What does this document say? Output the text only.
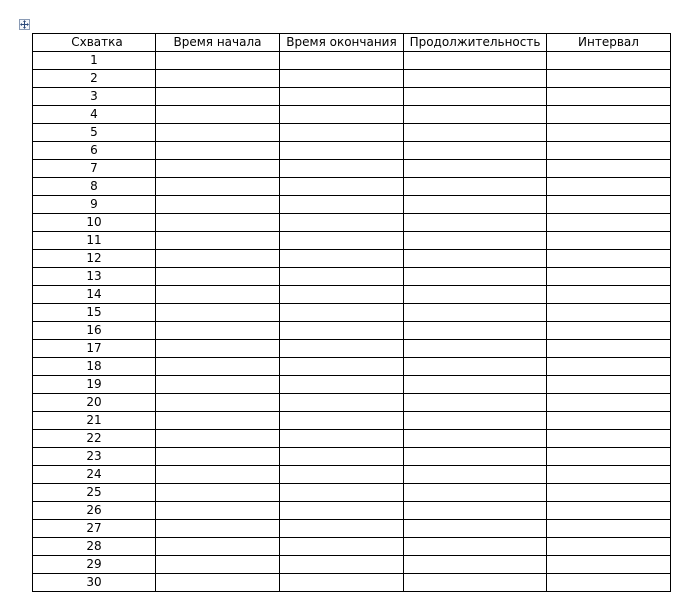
Схватка	Время начала	Время окончания	Продолжительность	Интервал
1				
2				
3				
4				
5				
6				
7				
8				
9				
10				
11				
12				
13				
14				
15				
16				
17				
18				
19				
20				
21				
22				
23				
24				
25				
26				
27				
28				
29				
30				
